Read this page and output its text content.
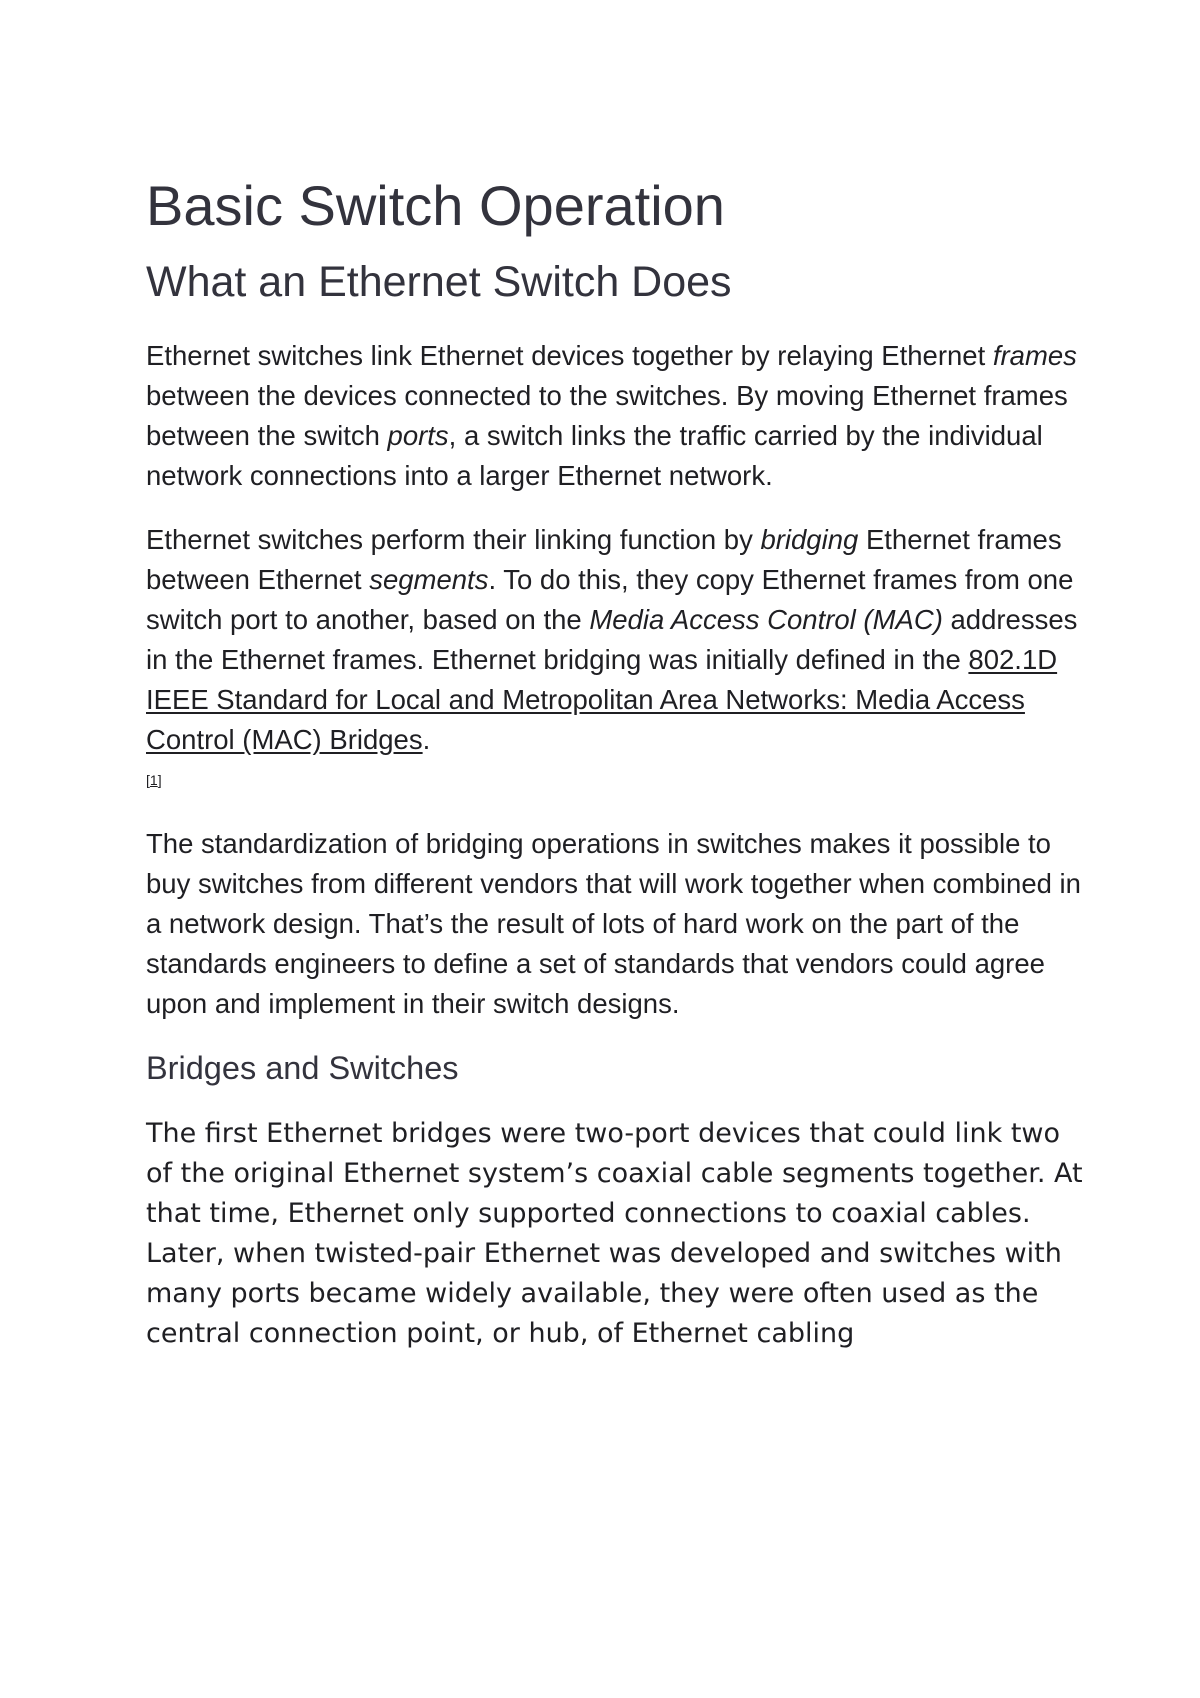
Basic Switch Operation
What an Ethernet Switch Does

Ethernet switches link Ethernet devices together by relaying Ethernet frames between the devices connected to the switches. By moving Ethernet frames between the switch ports, a switch links the traffic carried by the individual network connections into a larger Ethernet network.

Ethernet switches perform their linking function by bridging Ethernet frames between Ethernet segments. To do this, they copy Ethernet frames from one switch port to another, based on the Media Access Control (MAC) addresses in the Ethernet frames. Ethernet bridging was initially defined in the 802.1D IEEE Standard for Local and Metropolitan Area Networks: Media Access Control (MAC) Bridges.
[1]

The standardization of bridging operations in switches makes it possible to buy switches from different vendors that will work together when combined in a network design. That’s the result of lots of hard work on the part of the standards engineers to define a set of standards that vendors could agree upon and implement in their switch designs.

Bridges and Switches

The first Ethernet bridges were two-port devices that could link two of the original Ethernet system’s coaxial cable segments together. At that time, Ethernet only supported connections to coaxial cables. Later, when twisted-pair Ethernet was developed and switches with many ports became widely available, they were often used as the central connection point, or hub, of Ethernet cabling
